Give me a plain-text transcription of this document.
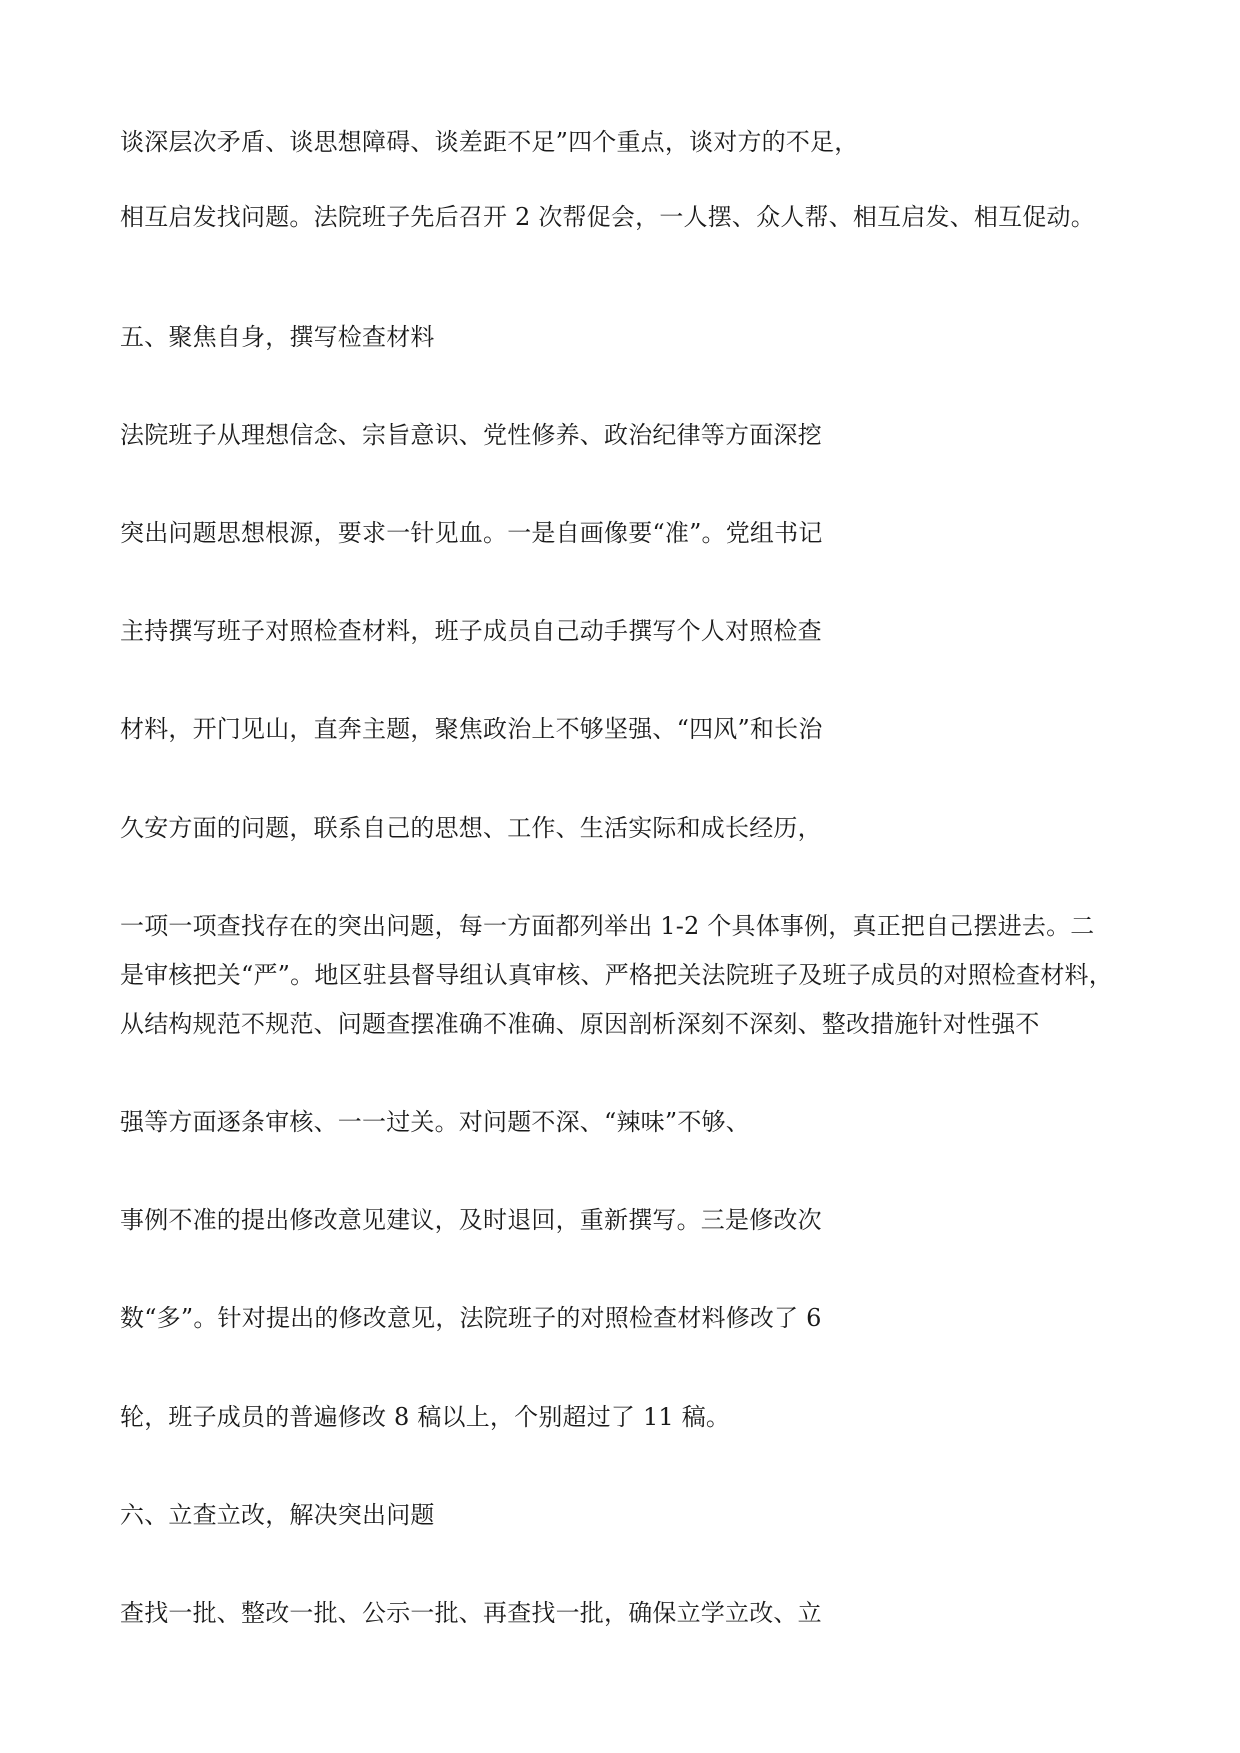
谈深层次矛盾、谈思想障碍、谈差距不足”四个重点，谈对方的不足，

相互启发找问题。法院班子先后召开 2 次帮促会，一人摆、众人帮、相互启发、相互促动。

五、聚焦自身，撰写检查材料

法院班子从理想信念、宗旨意识、党性修养、政治纪律等方面深挖

突出问题思想根源，要求一针见血。一是自画像要“准”。党组书记

主持撰写班子对照检查材料，班子成员自己动手撰写个人对照检查

材料，开门见山，直奔主题，聚焦政治上不够坚强、“四风”和长治

久安方面的问题，联系自己的思想、工作、生活实际和成长经历，

一项一项查找存在的突出问题，每一方面都列举出 1-2 个具体事例，真正把自己摆进去。二

是审核把关“严”。地区驻县督导组认真审核、严格把关法院班子及班子成员的对照检查材料，

从结构规范不规范、问题查摆准确不准确、原因剖析深刻不深刻、整改措施针对性强不

强等方面逐条审核、一一过关。对问题不深、“辣味”不够、

事例不准的提出修改意见建议，及时退回，重新撰写。三是修改次

数“多”。针对提出的修改意见，法院班子的对照检查材料修改了 6

轮，班子成员的普遍修改 8 稿以上，个别超过了 11 稿。

六、立查立改，解决突出问题

查找一批、整改一批、公示一批、再查找一批，确保立学立改、立
